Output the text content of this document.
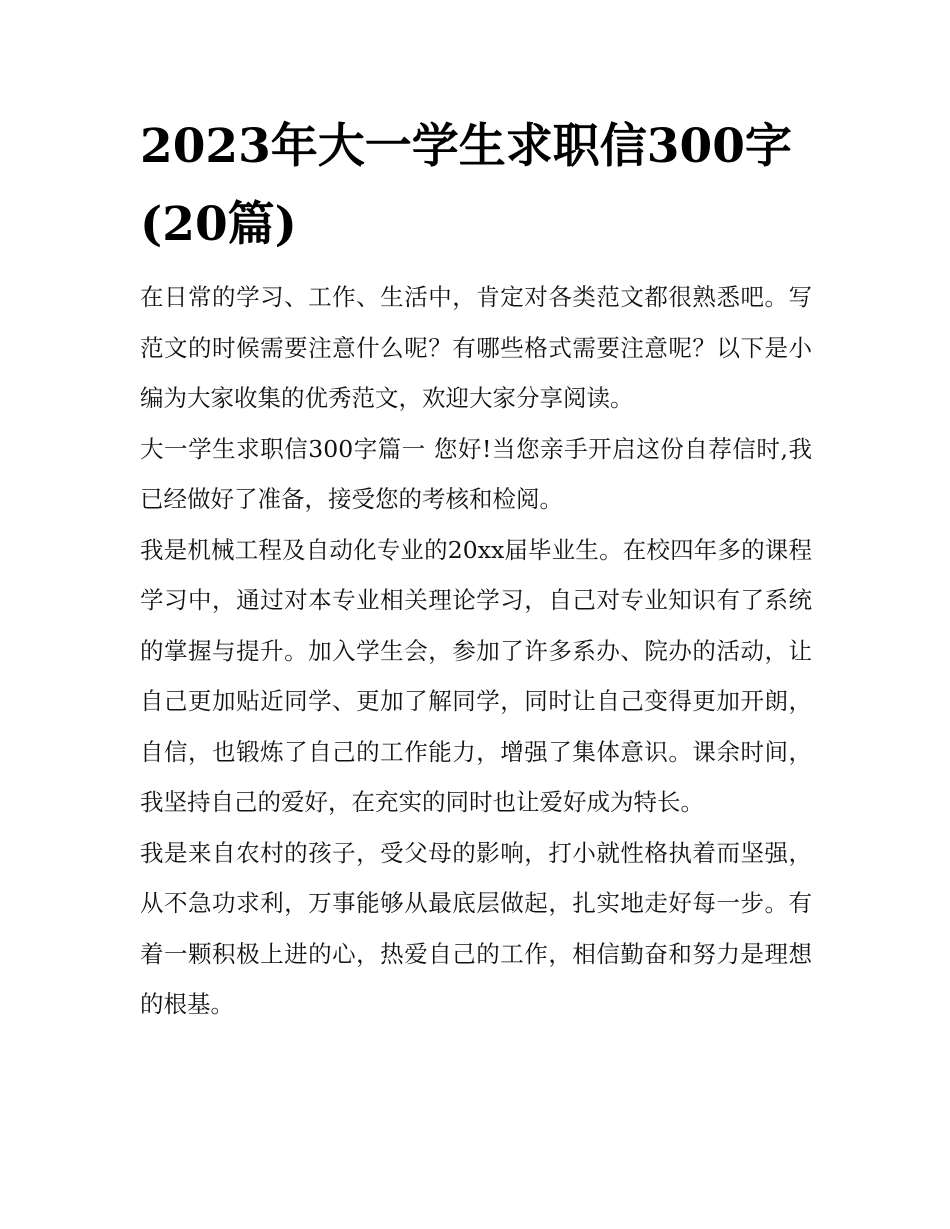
2023年大一学生求职信300字(20篇)

在日常的学习、工作、生活中，肯定对各类范文都很熟悉吧。写范文的时候需要注意什么呢？有哪些格式需要注意呢？以下是小编为大家收集的优秀范文，欢迎大家分享阅读。

大一学生求职信300字篇一 您好!当您亲手开启这份自荐信时,我已经做好了准备，接受您的考核和检阅。

我是机械工程及自动化专业的20xx届毕业生。在校四年多的课程学习中，通过对本专业相关理论学习，自己对专业知识有了系统的掌握与提升。加入学生会，参加了许多系办、院办的活动，让自己更加贴近同学、更加了解同学，同时让自己变得更加开朗，自信，也锻炼了自己的工作能力，增强了集体意识。课余时间，我坚持自己的爱好，在充实的同时也让爱好成为特长。

我是来自农村的孩子，受父母的影响，打小就性格执着而坚强，从不急功求利，万事能够从最底层做起，扎实地走好每一步。有着一颗积极上进的心，热爱自己的工作，相信勤奋和努力是理想的根基。
